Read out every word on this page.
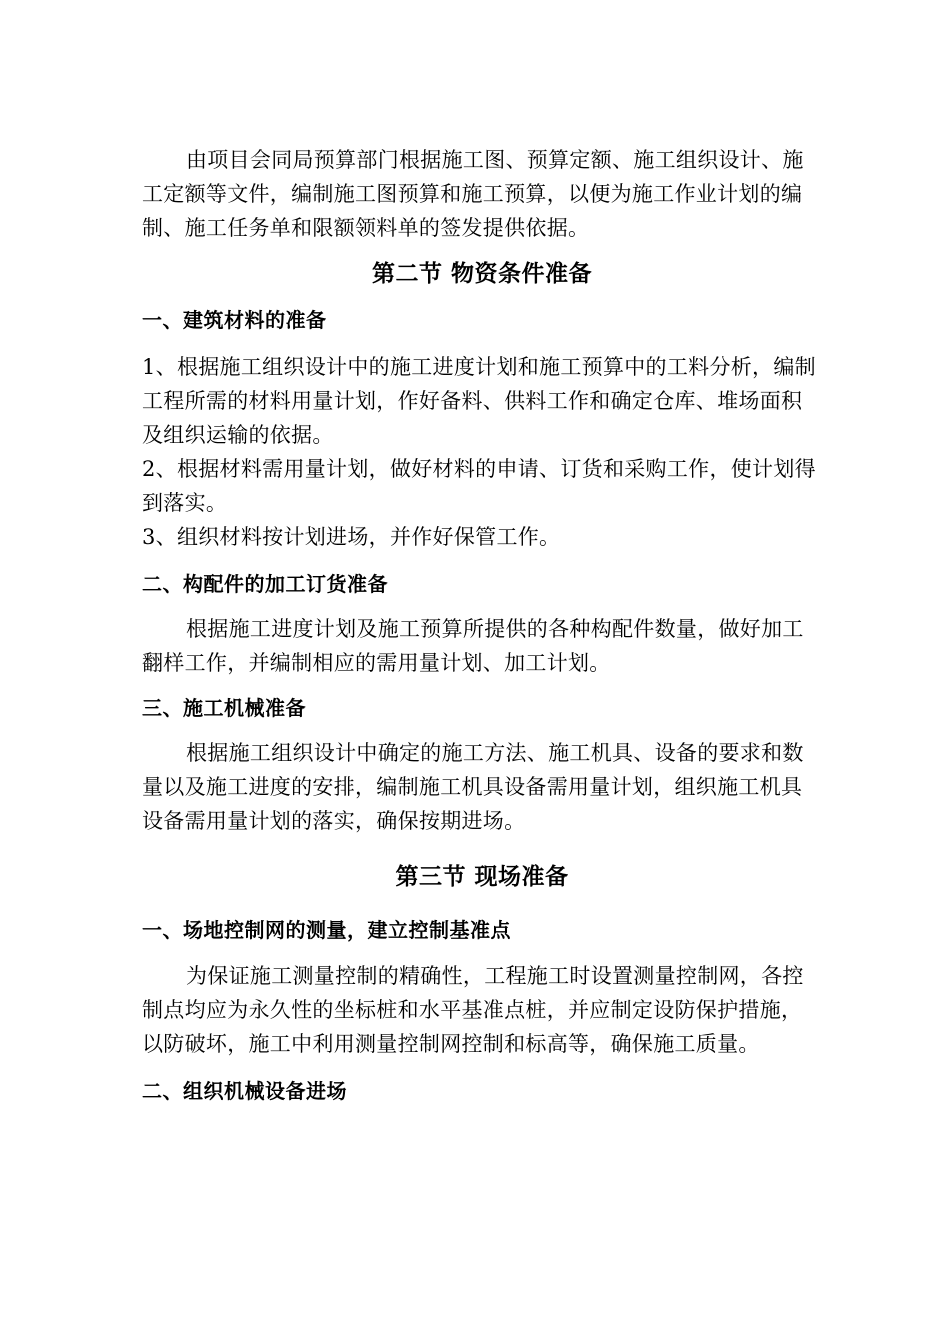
由项目会同局预算部门根据施工图、预算定额、施工组织设计、施工定额等文件，编制施工图预算和施工预算，以便为施工作业计划的编制、施工任务单和限额领料单的签发提供依据。

第二节 物资条件准备
一、建筑材料的准备

1、根据施工组织设计中的施工进度计划和施工预算中的工料分析，编制工程所需的材料用量计划，作好备料、供料工作和确定仓库、堆场面积及组织运输的依据。

2、根据材料需用量计划，做好材料的申请、订货和采购工作，使计划得到落实。

3、组织材料按计划进场，并作好保管工作。

二、构配件的加工订货准备

根据施工进度计划及施工预算所提供的各种构配件数量，做好加工翻样工作，并编制相应的需用量计划、加工计划。

三、施工机械准备

根据施工组织设计中确定的施工方法、施工机具、设备的要求和数量以及施工进度的安排，编制施工机具设备需用量计划，组织施工机具设备需用量计划的落实，确保按期进场。

第三节 现场准备
一、场地控制网的测量，建立控制基准点

为保证施工测量控制的精确性，工程施工时设置测量控制网，各控制点均应为永久性的坐标桩和水平基准点桩，并应制定设防保护措施，以防破坏，施工中利用测量控制网控制和标高等，确保施工质量。

二、组织机械设备进场
